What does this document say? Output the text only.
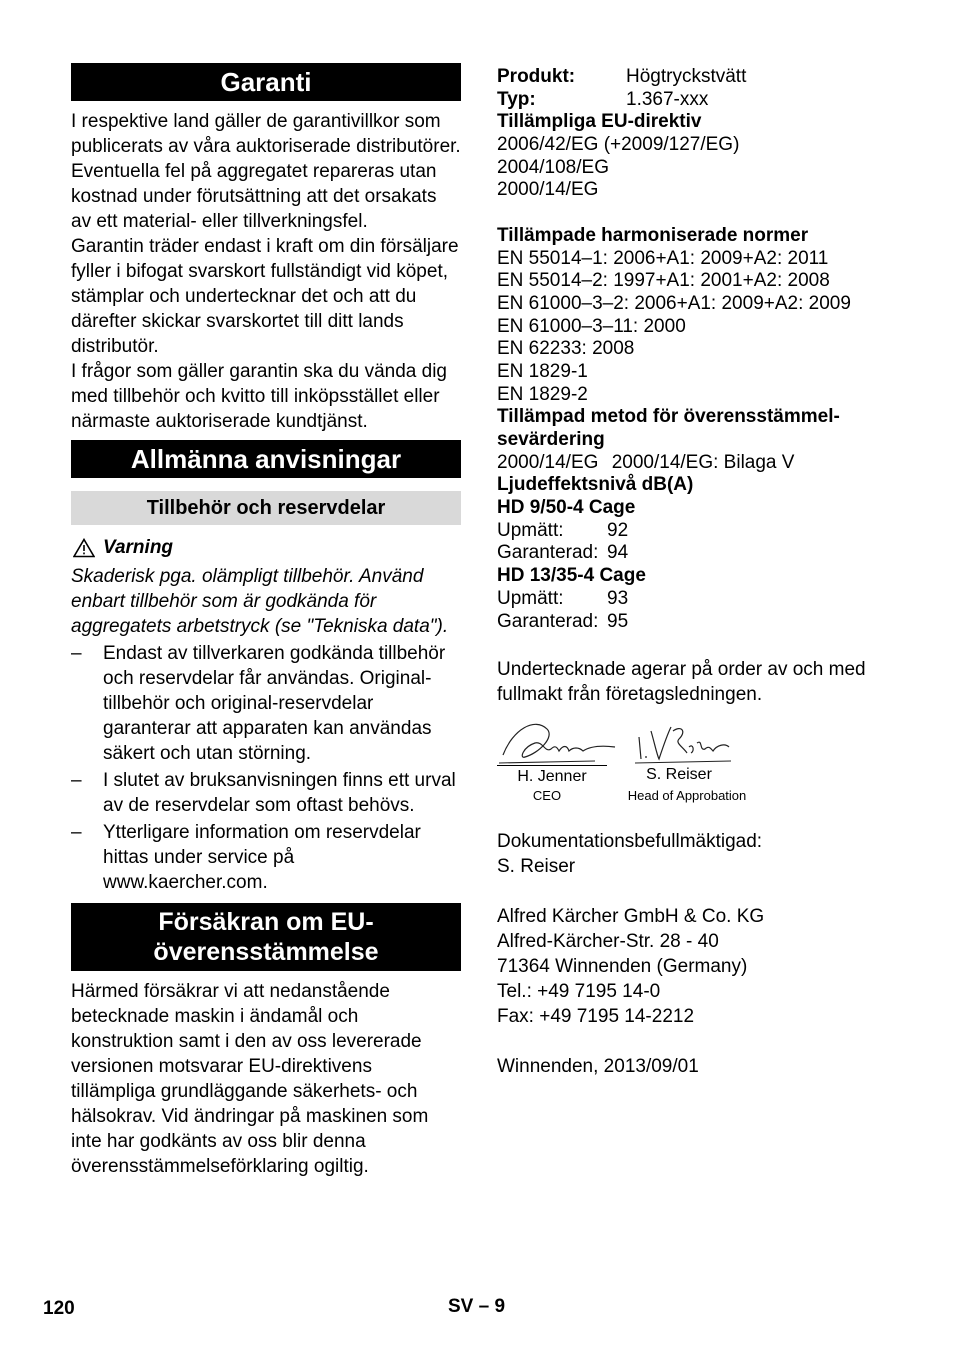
Garanti

I respektive land gäller de garantivillkor som publicerats av våra auktoriserade distributörer. Eventuella fel på aggregatet repareras utan kostnad under förutsättning att det orsakats av ett material- eller tillverkningsfel.

Garantin träder endast i kraft om din försäljare fyller i bifogat svarskort fullständigt vid köpet, stämplar och undertecknar det och att du därefter skickar svarskortet till ditt lands distributör.

I frågor som gäller garantin ska du vända dig med tillbehör och kvitto till inköpsstället eller närmaste auktoriserade kundtjänst.

Allmänna anvisningar
Tillbehör och reservdelar
Varning

Skaderisk pga. olämpligt tillbehör. Använd enbart tillbehör som är godkända för aggregatets arbetstryck (se "Tekniska data").

– Endast av tillverkaren godkända tillbehör och reservdelar får användas. Original-tillbehör och original-reservdelar garanterar att apparaten kan användas säkert och utan störning.
– I slutet av bruksanvisningen finns ett urval av de reservdelar som oftast behövs.
– Ytterligare information om reservdelar hittas under service på www.kaercher.com.
Försäkran om EU-överensstämmelse

Härmed försäkrar vi att nedanstående betecknade maskin i ändamål och konstruktion samt i den av oss levererade versionen motsvarar EU-direktivens tillämpliga grundläggande säkerhets- och hälsokrav. Vid ändringar på maskinen som inte har godkänts av oss blir denna överensstämmelseförklaring ogiltig.

Produkt:	Högtryckstvätt
Typ:	1.367-xxx
Tillämpliga EU-direktiv
2006/42/EG (+2009/127/EG)
2004/108/EG
2000/14/EG
Tillämpade harmoniserade normer
EN 55014–1: 2006+A1: 2009+A2: 2011
EN 55014–2: 1997+A1: 2001+A2: 2008
EN 61000–3–2: 2006+A1: 2009+A2: 2009
EN 61000–3–11: 2000
EN 62233: 2008
EN 1829-1
EN 1829-2
Tillämpad metod för överensstämmel-
sevärdering
2000/14/EG 2000/14/EG: Bilaga V
Ljudeffektsnivå dB(A)
HD 9/50-4 Cage
Upmätt:	92
Garanterad: 94
HD 13/35-4 Cage
Upmätt:	93
Garanterad: 95

Undertecknade agerar på order av och med fullmakt från företagsledningen.

H. Jenner
CEO
S. Reiser
Head of Approbation
Dokumentationsbefullmäktigad:
S. Reiser
Alfred Kärcher GmbH & Co. KG
Alfred-Kärcher-Str. 28 - 40
71364 Winnenden (Germany)
Tel.: +49 7195 14-0
Fax: +49 7195 14-2212
Winnenden, 2013/09/01
120	SV – 9
